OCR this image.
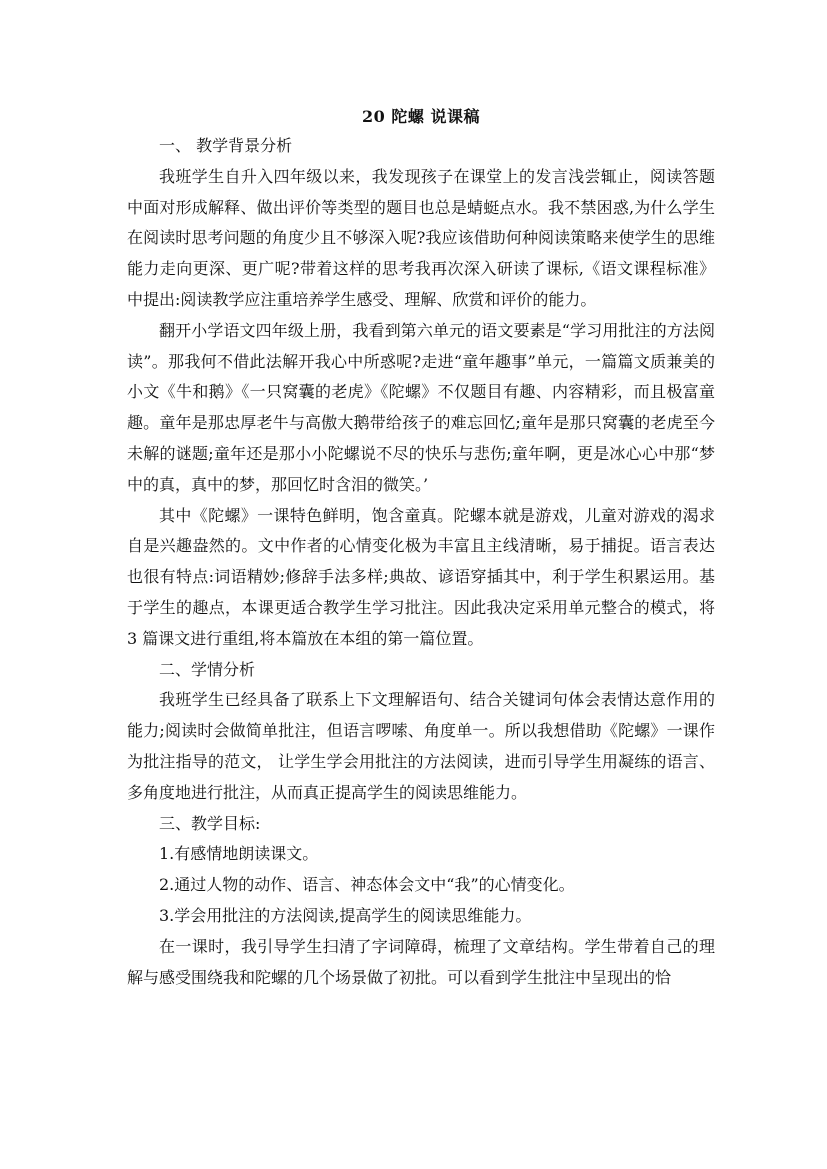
20 陀螺 说课稿

一、 教学背景分析

我班学生自升入四年级以来，我发现孩子在课堂上的发言浅尝辄止，阅读答题中面对形成解释、做出评价等类型的题目也总是蜻蜓点水。我不禁困惑,为什么学生在阅读时思考问题的角度少且不够深入呢?我应该借助何种阅读策略来使学生的思维能力走向更深、更广呢?带着这样的思考我再次深入研读了课标,《语文课程标准》中提出:阅读教学应注重培养学生感受、理解、欣赏和评价的能力。

翻开小学语文四年级上册，我看到第六单元的语文要素是“学习用批注的方法阅读”。那我何不借此法解开我心中所惑呢?走进“童年趣事”单元，一篇篇文质兼美的小文《牛和鹅》《一只窝囊的老虎》《陀螺》不仅题目有趣、内容精彩，而且极富童趣。童年是那忠厚老牛与高傲大鹅带给孩子的难忘回忆;童年是那只窝囊的老虎至今未解的谜题;童年还是那小小陀螺说不尽的快乐与悲伤;童年啊，更是冰心心中那“梦中的真，真中的梦，那回忆时含泪的微笑。’

其中《陀螺》一课特色鲜明，饱含童真。陀螺本就是游戏，儿童对游戏的渴求自是兴趣盎然的。文中作者的心情变化极为丰富且主线清晰，易于捕捉。语言表达也很有特点:词语精妙;修辞手法多样;典故、谚语穿插其中，利于学生积累运用。基于学生的趣点，本课更适合教学生学习批注。因此我决定采用单元整合的模式，将 3 篇课文进行重组,将本篇放在本组的第一篇位置。

二、学情分析

我班学生已经具备了联系上下文理解语句、结合关键词句体会表情达意作用的能力;阅读时会做简单批注，但语言啰嗦、角度单一。所以我想借助《陀螺》一课作为批注指导的范文， 让学生学会用批注的方法阅读，进而引导学生用凝练的语言、多角度地进行批注，从而真正提高学生的阅读思维能力。

三、教学目标:

1.有感情地朗读课文。

2.通过人物的动作、语言、神态体会文中“我”的心情变化。

3.学会用批注的方法阅读,提高学生的阅读思维能力。

在一课时，我引导学生扫清了字词障碍，梳理了文章结构。学生带着自己的理解与感受围绕我和陀螺的几个场景做了初批。可以看到学生批注中呈现出的恰
